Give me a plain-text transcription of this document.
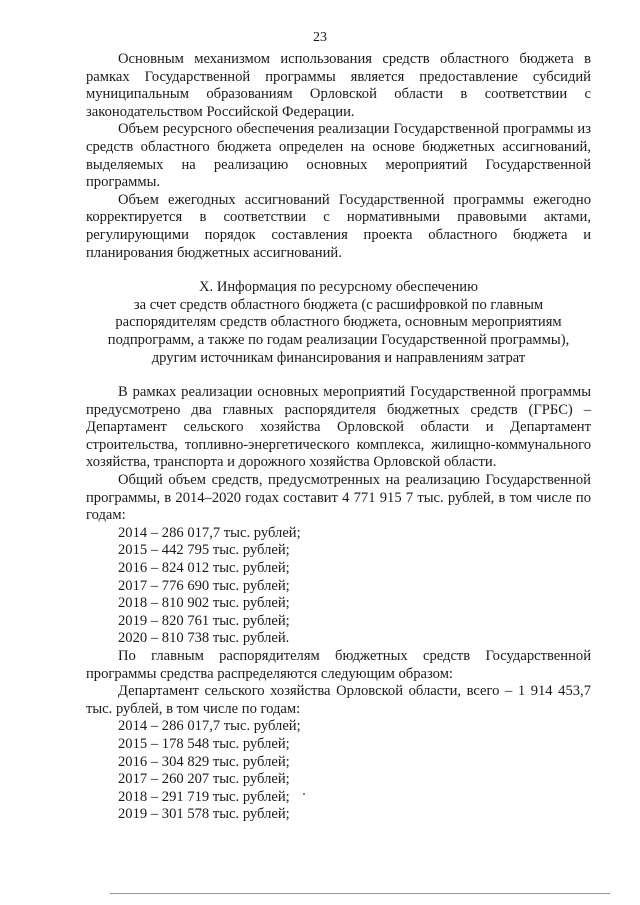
23

Основным механизмом использования средств областного бюджета в рамках Государственной программы является предоставление субсидий муниципальным образованиям Орловской области в соответствии с законодательством Российской Федерации.

Объем ресурсного обеспечения реализации Государственной программы из средств областного бюджета определен на основе бюджетных ассигнований, выделяемых на реализацию основных мероприятий Государственной программы.

Объем ежегодных ассигнований Государственной программы ежегодно корректируется в соответствии с нормативными правовыми актами, регулирующими порядок составления проекта областного бюджета и планирования бюджетных ассигнований.

X. Информация по ресурсному обеспечению

за счет средств областного бюджета (с расшифровкой по главным

распорядителям средств областного бюджета, основным мероприятиям

подпрограмм, а также по годам реализации Государственной программы),

другим источникам финансирования и направлениям затрат

В рамках реализации основных мероприятий Государственной программы предусмотрено два главных распорядителя бюджетных средств (ГРБС) – Департамент сельского хозяйства Орловской области и Департамент строительства, топливно-энергетического комплекса, жилищно-коммунального хозяйства, транспорта и дорожного хозяйства Орловской области.

Общий объем средств, предусмотренных на реализацию Государственной программы, в 2014–2020 годах составит 4 771 915 7 тыс. рублей, в том числе по годам:

2014 – 286 017,7 тыс. рублей;
2015 – 442 795 тыс. рублей;
2016 – 824 012 тыс. рублей;
2017 – 776 690 тыс. рублей;
2018 – 810 902 тыс. рублей;
2019 – 820 761 тыс. рублей;
2020 – 810 738 тыс. рублей.

По главным распорядителям бюджетных средств Государственной программы средства распределяются следующим образом:

Департамент сельского хозяйства Орловской области, всего – 1 914 453,7 тыс. рублей, в том числе по годам:

2014 – 286 017,7 тыс. рублей;
2015 – 178 548 тыс. рублей;
2016 – 304 829 тыс. рублей;
2017 – 260 207 тыс. рублей;
2018 – 291 719 тыс. рублей;
2019 – 301 578 тыс. рублей;
